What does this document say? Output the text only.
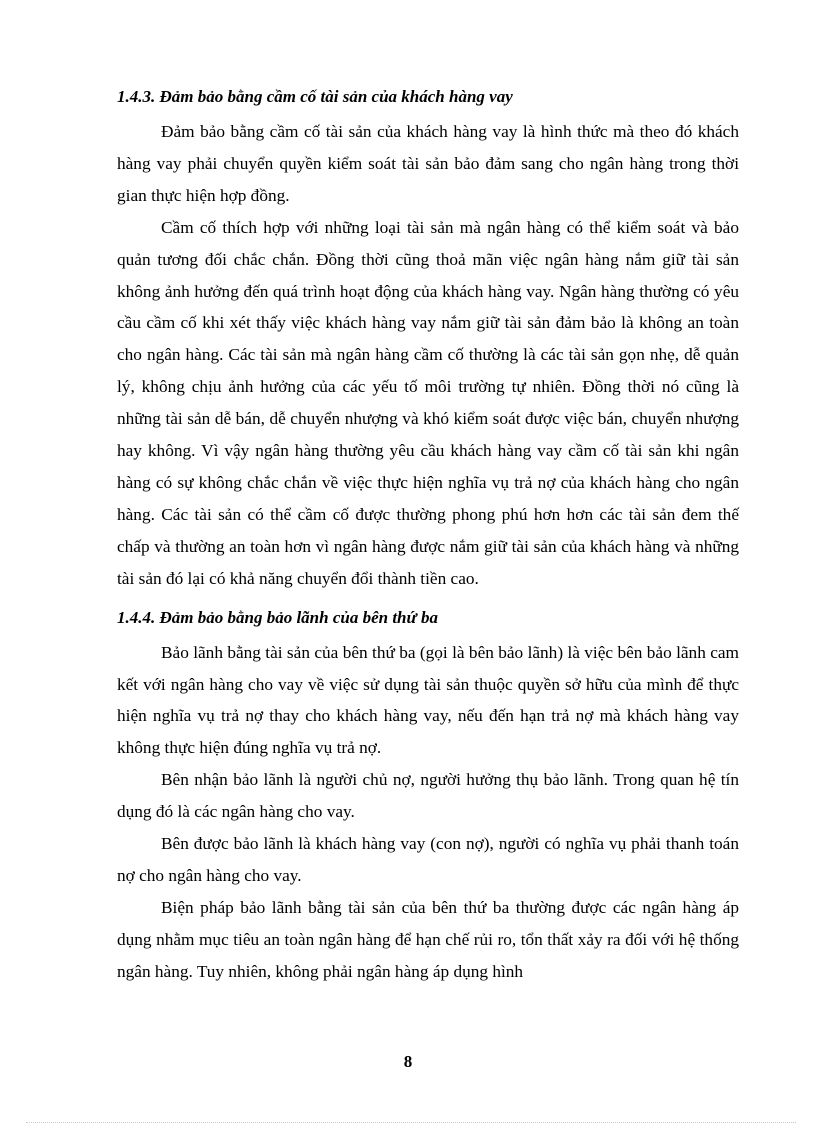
1.4.3. Đảm bảo bằng cầm cố tài sản của khách hàng vay

Đảm bảo bằng cầm cố tài sản của khách hàng vay là hình thức mà theo đó khách hàng vay phải chuyển quyền kiểm soát tài sản bảo đảm sang cho ngân hàng trong thời gian thực hiện hợp đồng.

Cầm cố thích hợp với những loại tài sản mà ngân hàng có thể kiểm soát và bảo quản tương đối chắc chắn. Đồng thời cũng thoả mãn việc ngân hàng nắm giữ tài sản không ảnh hưởng đến quá trình hoạt động của khách hàng vay. Ngân hàng thường có yêu cầu cầm cố khi xét thấy việc khách hàng vay nắm giữ tài sản đảm bảo là không an toàn cho ngân hàng. Các tài sản mà ngân hàng cầm cố thường là các tài sản gọn nhẹ, dễ quản lý, không chịu ảnh hưởng của các yếu tố môi trường tự nhiên. Đồng thời nó cũng là những tài sản dễ bán, dễ chuyển nhượng và khó kiểm soát được việc bán, chuyển nhượng hay không. Vì vậy ngân hàng thường yêu cầu khách hàng vay cầm cố tài sản khi ngân hàng có sự không chắc chắn về việc thực hiện nghĩa vụ trả nợ của khách hàng cho ngân hàng. Các tài sản có thể cầm cố được thường phong phú hơn hơn các tài sản đem thế chấp và thường an toàn hơn vì ngân hàng được nắm giữ tài sản của khách hàng và những tài sản đó lại có khả năng chuyển đổi thành tiền cao.

1.4.4. Đảm bảo bằng bảo lãnh của bên thứ ba

Bảo lãnh bằng tài sản của bên thứ ba (gọi là bên bảo lãnh) là việc bên bảo lãnh cam kết với ngân hàng cho vay về việc sử dụng tài sản thuộc quyền sở hữu của mình để thực hiện nghĩa vụ trả nợ thay cho khách hàng vay, nếu đến hạn trả nợ mà khách hàng vay không thực hiện đúng nghĩa vụ trả nợ.

Bên nhận bảo lãnh là người chủ nợ, người hưởng thụ bảo lãnh. Trong quan hệ tín dụng đó là các ngân hàng cho vay.

Bên được bảo lãnh là khách hàng vay (con nợ), người có nghĩa vụ phải thanh toán nợ cho ngân hàng cho vay.

Biện pháp bảo lãnh bằng tài sản của bên thứ ba thường được các ngân hàng áp dụng nhằm mục tiêu an toàn ngân hàng để hạn chế rủi ro, tổn thất xảy ra đối với hệ thống ngân hàng. Tuy nhiên, không phải ngân hàng áp dụng hình

8
